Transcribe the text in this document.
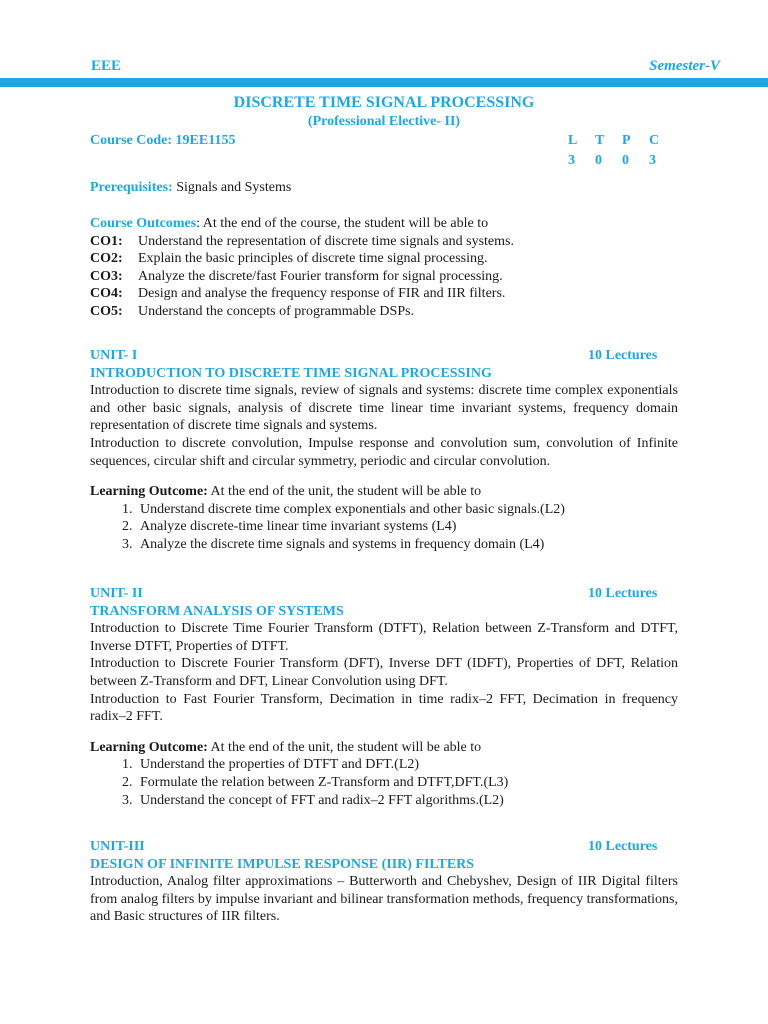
EEE	Semester-V
DISCRETE TIME SIGNAL PROCESSING
(Professional Elective- II)
Course Code: 19EE1155	L	T	P	C
3	0	0	3
Prerequisites: Signals and Systems
Course Outcomes: At the end of the course, the student will be able to
CO1:	Understand the representation of discrete time signals and systems.
CO2:	Explain the basic principles of discrete time signal processing.
CO3:	Analyze the discrete/fast Fourier transform for signal processing.
CO4:	Design and analyse the frequency response of FIR and IIR filters.
CO5:	Understand the concepts of programmable DSPs.
UNIT- I	10 Lectures
INTRODUCTION TO DISCRETE TIME SIGNAL PROCESSING
Introduction to discrete time signals, review of signals and systems: discrete time complex exponentials and other basic signals, analysis of discrete time linear time invariant systems, frequency domain representation of discrete time signals and systems.
Introduction to discrete convolution, Impulse response and convolution sum, convolution of Infinite sequences, circular shift and circular symmetry, periodic and circular convolution.
Learning Outcome: At the end of the unit, the student will be able to
1. Understand discrete time complex exponentials and other basic signals.(L2)
2. Analyze discrete-time linear time invariant systems (L4)
3. Analyze the discrete time signals and systems in frequency domain (L4)
UNIT- II	10 Lectures
TRANSFORM ANALYSIS OF SYSTEMS
Introduction to Discrete Time Fourier Transform (DTFT), Relation between Z-Transform and DTFT, Inverse DTFT, Properties of DTFT.
Introduction to Discrete Fourier Transform (DFT), Inverse DFT (IDFT), Properties of DFT, Relation between Z-Transform and DFT, Linear Convolution using DFT.
Introduction to Fast Fourier Transform, Decimation in time radix–2 FFT, Decimation in frequency radix–2 FFT.
Learning Outcome: At the end of the unit, the student will be able to
1. Understand the properties of DTFT and DFT.(L2)
2. Formulate the relation between Z-Transform and DTFT,DFT.(L3)
3. Understand the concept of FFT and radix–2 FFT algorithms.(L2)
UNIT-III	10 Lectures
DESIGN OF INFINITE IMPULSE RESPONSE (IIR) FILTERS
Introduction, Analog filter approximations – Butterworth and Chebyshev, Design of IIR Digital filters from analog filters by impulse invariant and bilinear transformation methods, frequency transformations, and Basic structures of IIR filters.
